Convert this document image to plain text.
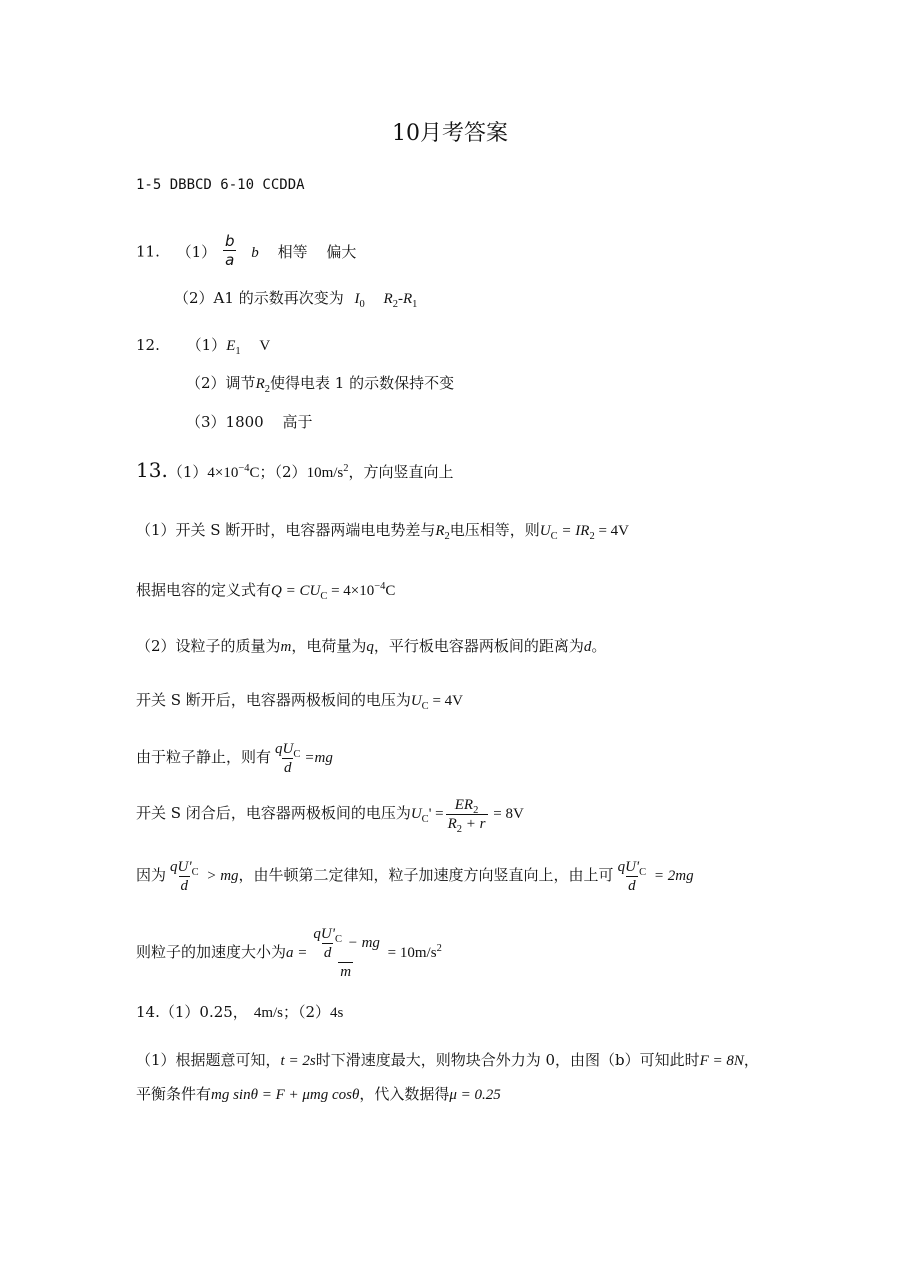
10月考答案
1-5 DBBCD 6-10 CCDDA
11. $(1) \frac{b}{a}$ b 相等 偏大
（2）A1 的示数再次变为 $I_0$ $R_2-R_1$
12. $(1)E_1$ V
（2）调节$R_2$使得电表 1 的示数保持不变
（3）1800 高于
$13.(1)4\times 10^{-4}C$；$(2)10m/s^2$，方向竖直向上
（1）开关 S 断开时，电容器两端电电势差与$R_2$电压相等，则$U_C = IR_2 = 4V$
根据电容的定义式有$Q = CU_C = 4\times 10^{-4}C$
（2）设粒子的质量为m，电荷量为q，平行板电容器两板间的距离为d。
开关 S 断开后，电容器两极板间的电压为$U_C = 4V$
由于粒子静止，则有 $\frac{qU_C}{d} =mg$
开关 S 闭合后，电容器两极板间的电压为$U_C' = \frac{ER_2}{R_2 + r} = 8V$
因为 $\frac{qU'_C}{d}$ > mg，由牛顿第二定律知，粒子加速度方向竖直向上，由上可 $\frac{qU'_C}{d} = 2mg$
则粒子的加速度大小为$a = \frac{\frac{qU'_C}{d} - mg}{m} = 10m/s^2$
14.（1）0.25， 4m/s；（2）4s
（1）根据题意可知，t = 2s时下滑速度最大，则物块合外力为 0，由图（b）可知此时F = 8N，
平衡条件有mg sinθ = F + μmg cosθ，代入数据得μ = 0.25
